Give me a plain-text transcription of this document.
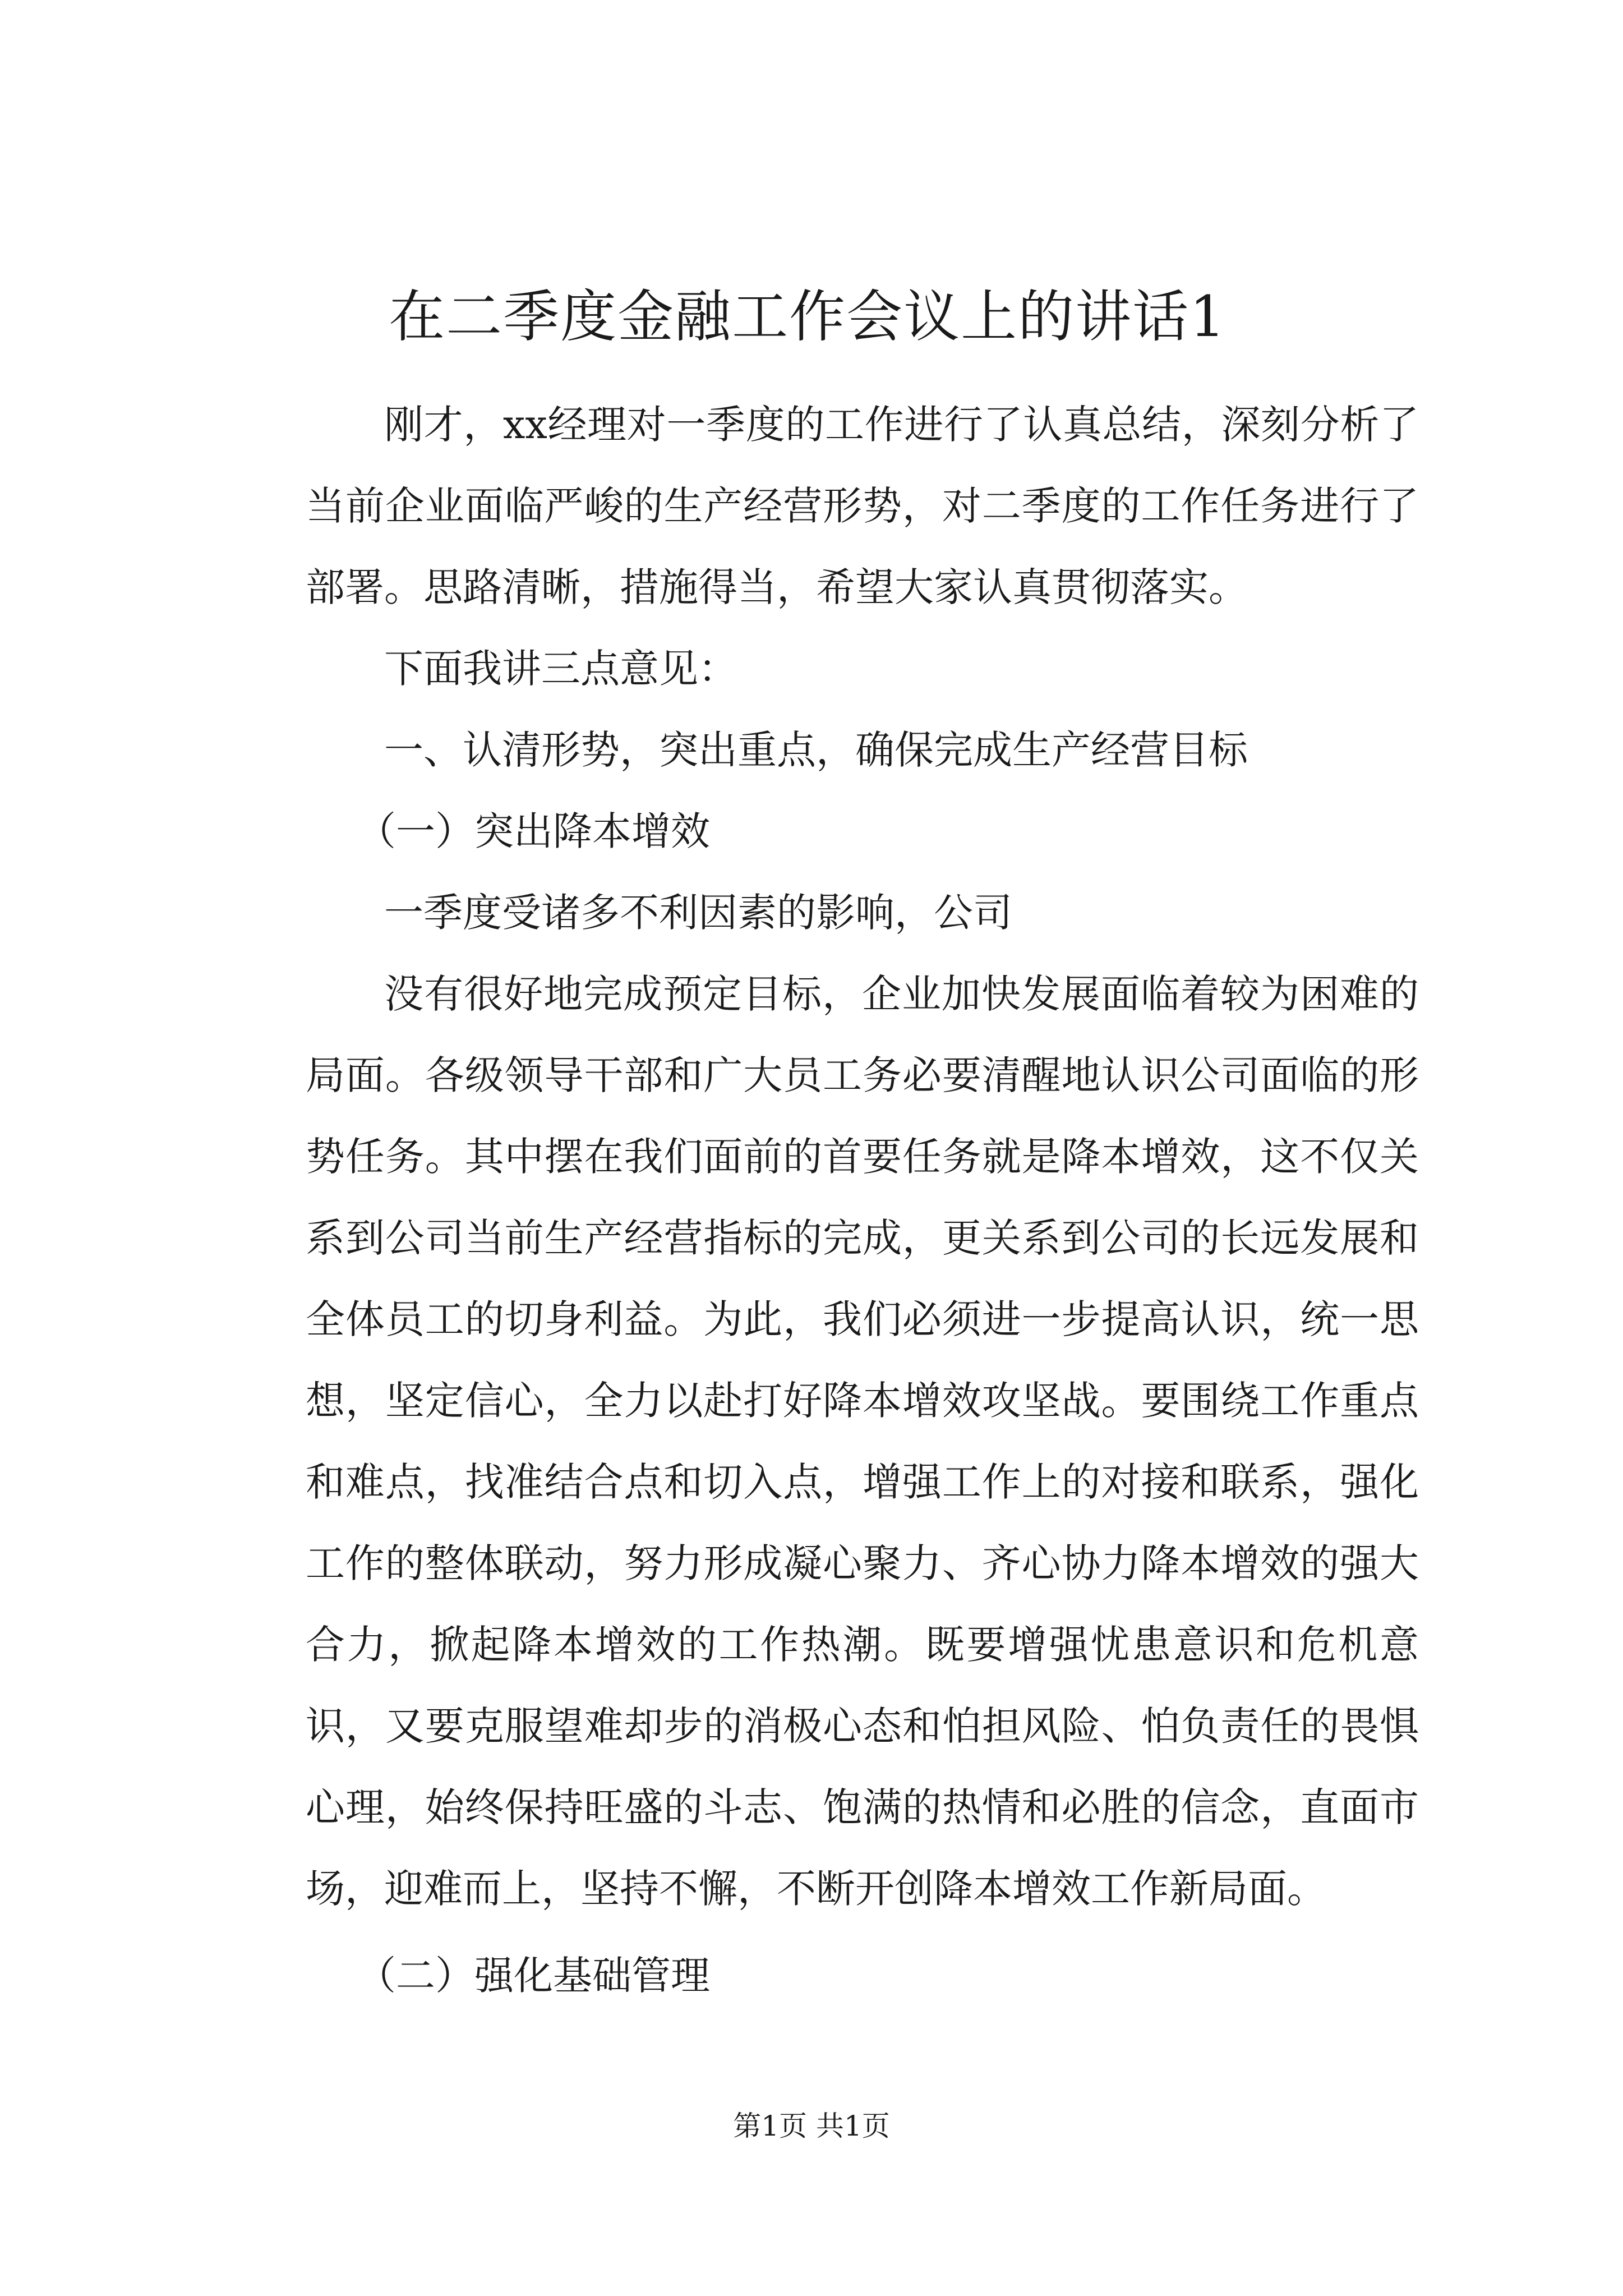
在二季度金融工作会议上的讲话1

刚才，xx经理对一季度的工作进行了认真总结，深刻分析了当前企业面临严峻的生产经营形势，对二季度的工作任务进行了部署。思路清晰，措施得当，希望大家认真贯彻落实。

下面我讲三点意见：

一、认清形势，突出重点，确保完成生产经营目标

（一）突出降本增效

一季度受诸多不利因素的影响，公司

没有很好地完成预定目标，企业加快发展面临着较为困难的局面。各级领导干部和广大员工务必要清醒地认识公司面临的形势任务。其中摆在我们面前的首要任务就是降本增效，这不仅关系到公司当前生产经营指标的完成，更关系到公司的长远发展和全体员工的切身利益。为此，我们必须进一步提高认识，统一思想，坚定信心，全力以赴打好降本增效攻坚战。要围绕工作重点和难点，找准结合点和切入点，增强工作上的对接和联系，强化工作的整体联动，努力形成凝心聚力、齐心协力降本增效的强大合力，掀起降本增效的工作热潮。既要增强忧患意识和危机意识，又要克服望难却步的消极心态和怕担风险、怕负责任的畏惧心理，始终保持旺盛的斗志、饱满的热情和必胜的信念，直面市场，迎难而上，坚持不懈，不断开创降本增效工作新局面。

（二）强化基础管理

第1页 共1页
